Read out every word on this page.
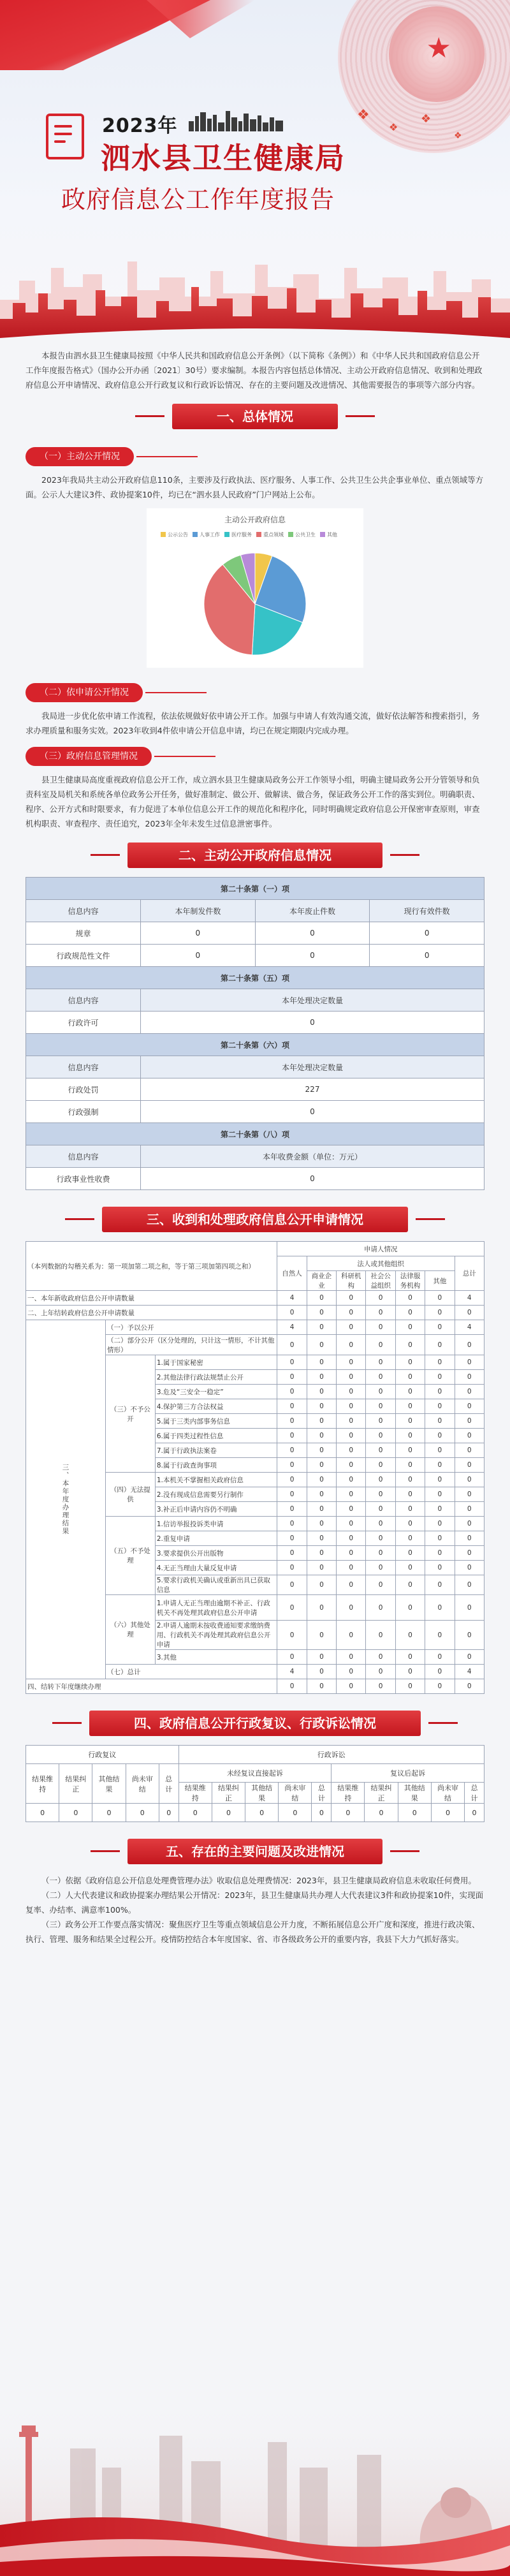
★
❖
❖
❖
❖
2023年
泗水县卫生健康局
政府信息公工作年度报告

本报告由泗水县卫生健康局按照《中华人民共和国政府信息公开条例》（以下简称《条例》）和《中华人民共和国政府信息公开工作年度报告格式》（国办公开办函〔2021〕30号）要求编制。本报告内容包括总体情况、主动公开政府信息情况、收到和处理政府信息公开申请情况、政府信息公开行政复议和行政诉讼情况、存在的主要问题及改进情况、其他需要报告的事项等六部分内容。

一、总体情况
（一）主动公开情况

2023年我局共主动公开政府信息110条，主要涉及行政执法、医疗服务、人事工作、公共卫生公共企事业单位、重点领域等方面。公示人大建议3件、政协提案10件，均已在“泗水县人民政府”门户网站上公布。

主动公开政府信息
公示公告 人事工作 医疗服务 重点领域 公共卫生 其他
（二）依申请公开情况

我局进一步优化依申请工作流程，依法依规做好依申请公开工作。加强与申请人有效沟通交流，做好依法解答和搜索指引，务求办理质量和服务实效。2023年收到4件依申请公开信息申请，均已在规定期限内完成办理。

（三）政府信息管理情况

县卫生健康局高度重视政府信息公开工作，成立泗水县卫生健康局政务公开工作领导小组，明确主键局政务公开分管领导和负责科室及局机关和系统各单位政务公开任务，做好准制定、做公开、做解读、做合务，保证政务公开工作的落实到位。明确职责、程序、公开方式和时限要求，有力促进了本单位信息公开工作的规范化和程序化，同时明确规定政府信息公开保密审查原则，审查机构职责、审查程序、责任追究，2023年全年未发生过信息泄密事件。

二、主动公开政府信息情况
第二十条第（一）项			
信息内容	本年制发件数	本年废止件数	现行有效件数
规章	0	0	0
行政规范性文件	0	0	0
第二十条第（五）项			
信息内容	本年处理决定数量		
行政许可	0		
第二十条第（六）项			
信息内容	本年处理决定数量		
行政处罚	227		
行政强制	0		
第二十条第（八）项			
信息内容	本年收费金额（单位：万元）		
行政事业性收费	0		
三、收到和处理政府信息公开申请情况
（本列数据的勾稽关系为：第一项加第二项之和，等于第三项加第四项之和）			申请人情况						
			自然人	法人或其他组织					总计
				商业企业	科研机构	社会公益组织	法律服务机构	其他	
一、本年新收政府信息公开申请数量			4	0	0	0	0	0	4
二、上年结转政府信息公开申请数量			0	0	0	0	0	0	0
三、本年度办理结果	（一）予以公开		4	0	0	0	0	0	4
	（二）部分公开（区分处理的，只计这一情形，不计其他情形）		0	0	0	0	0	0	0
	（三）不予公开	1.属于国家秘密	0	0	0	0	0	0	0
		2.其他法律行政法规禁止公开	0	0	0	0	0	0	0
		3.危及“三安全一稳定”	0	0	0	0	0	0	0
		4.保护第三方合法权益	0	0	0	0	0	0	0
		5.属于三类内部事务信息	0	0	0	0	0	0	0
		6.属于四类过程性信息	0	0	0	0	0	0	0
		7.属于行政执法案卷	0	0	0	0	0	0	0
		8.属于行政查询事项	0	0	0	0	0	0	0
	（四）无法提供	1.本机关不掌握相关政府信息	0	0	0	0	0	0	0
		2.没有现成信息需要另行制作	0	0	0	0	0	0	0
		3.补正后申请内容仍不明确	0	0	0	0	0	0	0
	（五）不予处理	1.信访举报投诉类申请	0	0	0	0	0	0	0
		2.重复申请	0	0	0	0	0	0	0
		3.要求提供公开出版物	0	0	0	0	0	0	0
		4.无正当理由大量反复申请	0	0	0	0	0	0	0
		5.要求行政机关确认或重新出具已获取信息	0	0	0	0	0	0	0
	（六）其他处理	1.申请人无正当理由逾期不补正、行政机关不再处理其政府信息公开申请	0	0	0	0	0	0	0
		2.申请人逾期未按收费通知要求缴纳费用、行政机关不再处理其政府信息公开申请	0	0	0	0	0	0	0
		3.其他	0	0	0	0	0	0	0
	（七）总计		4	0	0	0	0	0	4
四、结转下年度继续办理			0	0	0	0	0	0	0
四、政府信息公开行政复议、行政诉讼情况
行政复议					行政诉讼									
结果维持	结果纠正	其他结果	尚未审结	总计	未经复议直接起诉					复议后起诉				
					结果维持	结果纠正	其他结果	尚未审结	总计	结果维持	结果纠正	其他结果	尚未审结	总计
0	0	0	0	0	0	0	0	0	0	0	0	0	0	0
五、存在的主要问题及改进情况

（一）依据《政府信息公开信息处理费管理办法》收取信息处理费情况：2023年，县卫生健康局政府信息未收取任何费用。

（二）人大代表建议和政协提案办理结果公开情况：2023年，县卫生健康局共办理人大代表建议3件和政协提案10件，实现面复率、办结率、满意率100%。

（三）政务公开工作要点落实情况：聚焦医疗卫生等重点领域信息公开力度，不断拓展信息公开广度和深度，推进行政决策、执行、管理、服务和结果全过程公开。疫情防控结合本年度国家、省、市各级政务公开的重要内容，我县下大力气抓好落实。
